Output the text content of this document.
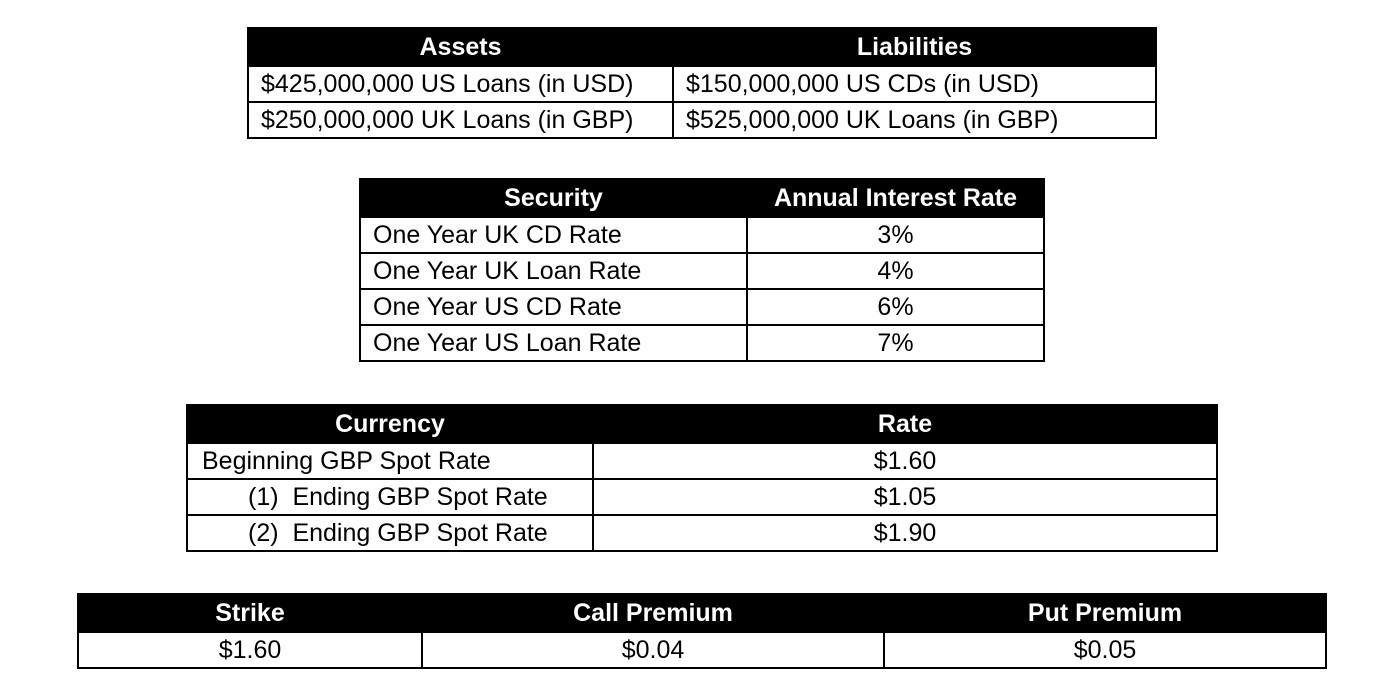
Assets	Liabilities
$425,000,000 US Loans (in USD)	$150,000,000 US CDs (in USD)
$250,000,000 UK Loans (in GBP)	$525,000,000 UK Loans (in GBP)
Security	Annual Interest Rate
One Year UK CD Rate	3%
One Year UK Loan Rate	4%
One Year US CD Rate	6%
One Year US Loan Rate	7%
Currency	Rate
Beginning GBP Spot Rate	$1.60
(1)  Ending GBP Spot Rate	$1.05
(2)  Ending GBP Spot Rate	$1.90
Strike	Call Premium	Put Premium
$1.60	$0.04	$0.05
